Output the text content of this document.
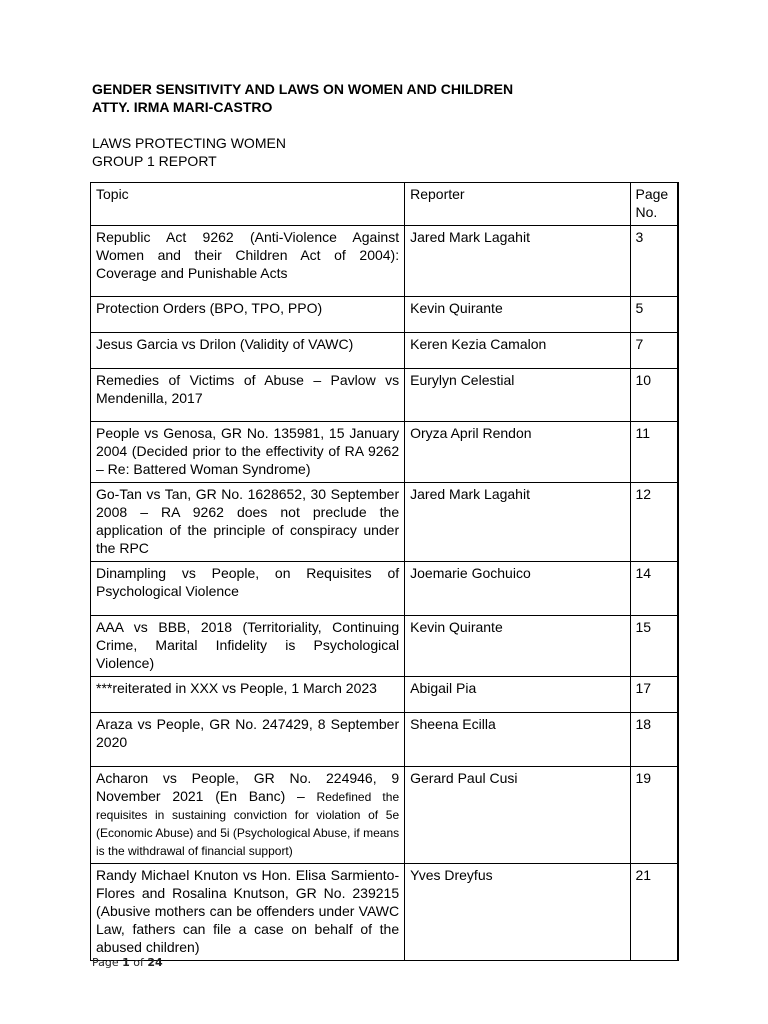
GENDER SENSITIVITY AND LAWS ON WOMEN AND CHILDREN
ATTY. IRMA MARI-CASTRO
LAWS PROTECTING WOMEN
GROUP 1 REPORT
Topic	Reporter	Page No.
Republic Act 9262 (Anti-Violence Against Women and their Children Act of 2004): Coverage and Punishable Acts	Jared Mark Lagahit	3
Protection Orders (BPO, TPO, PPO)	Kevin Quirante	5
Jesus Garcia vs Drilon (Validity of VAWC)	Keren Kezia Camalon	7
Remedies of Victims of Abuse – Pavlow vs Mendenilla, 2017	Eurylyn Celestial	10
People vs Genosa, GR No. 135981, 15 January 2004 (Decided prior to the effectivity of RA 9262 – Re: Battered Woman Syndrome)	Oryza April Rendon	11
Go-Tan vs Tan, GR No. 1628652, 30 September 2008 – RA 9262 does not preclude the application of the principle of conspiracy under the RPC	Jared Mark Lagahit	12
Dinampling vs People, on Requisites of Psychological Violence	Joemarie Gochuico	14
AAA vs BBB, 2018 (Territoriality, Continuing Crime, Marital Infidelity is Psychological Violence)	Kevin Quirante	15
***reiterated in XXX vs People, 1 March 2023	Abigail Pia	17
Araza vs People, GR No. 247429, 8 September 2020	Sheena Ecilla	18
Acharon vs People, GR No. 224946, 9 November 2021 (En Banc) – Redefined the requisites in sustaining conviction for violation of 5e (Economic Abuse) and 5i (Psychological Abuse, if means is the withdrawal of financial support)	Gerard Paul Cusi	19
Randy Michael Knuton vs Hon. Elisa Sarmiento-Flores and Rosalina Knutson, GR No. 239215 (Abusive mothers can be offenders under VAWC Law, fathers can file a case on behalf of the abused children)	Yves Dreyfus	21
Page 1 of 24
